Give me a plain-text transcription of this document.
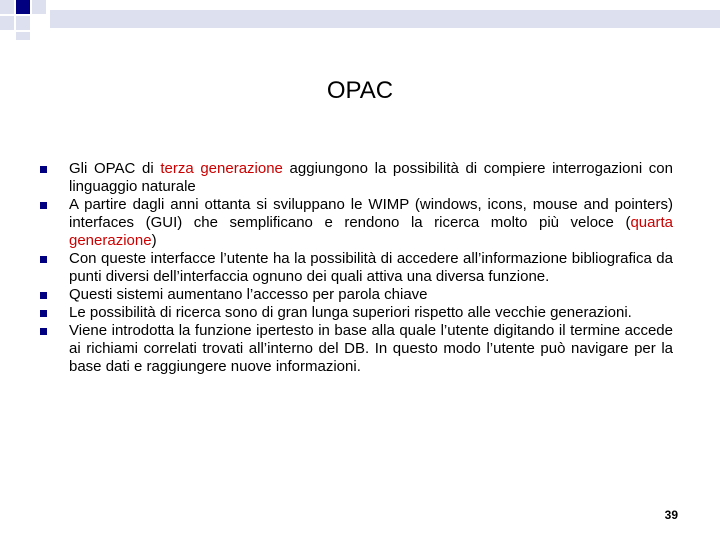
OPAC
Gli OPAC di terza generazione aggiungono la possibilità di compiere interrogazioni con linguaggio naturale
A partire dagli anni ottanta si sviluppano le WIMP (windows, icons, mouse and pointers) interfaces (GUI) che semplificano e rendono la ricerca molto più veloce (quarta generazione)
Con queste interfacce l’utente ha la possibilità di accedere all’informazione bibliografica da punti diversi dell’interfaccia ognuno dei quali attiva una diversa funzione.
Questi sistemi aumentano l’accesso per parola chiave
Le possibilità di ricerca sono di gran lunga superiori rispetto alle vecchie generazioni.
Viene introdotta la funzione ipertesto in base alla quale l’utente digitando il termine accede ai richiami correlati trovati all’interno del DB. In questo modo l’utente può navigare per la base dati e raggiungere nuove informazioni.
39
